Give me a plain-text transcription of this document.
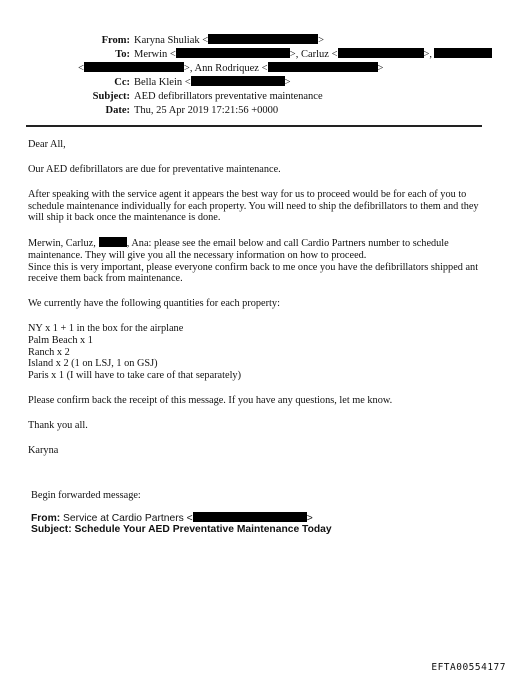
From: Karyna Shuliak <	>
To: Merwin <	>, Carluz <	>,
<	>, Ann Rodriquez <	>
Cc: Bella Klein <	>
Subject: AED defibrillators preventative maintenance
Date: Thu, 25 Apr 2019 17:21:56 +0000

Dear All,

Our AED defibrillators are due for preventative maintenance.

After speaking with the service agent it appears the best way for us to proceed would be for each of you to

schedule maintenance individually for each property. You will need to ship the defibrillators to them and they

will ship it back once the maintenance is done.

Merwin, Carluz,	, Ana: please see the email below and call Cardio Partners number to schedule

maintenance. They will give you all the necessary information on how to proceed.

Since this is very important, please everyone confirm back to me once you have the defibrillators shipped ant

receive them back from maintenance.

We currently have the following quantities for each property:

NY x 1 + 1 in the box for the airplane

Palm Beach x 1

Ranch x 2

Island x 2 (1 on LSJ, 1 on GSJ)

Paris x 1 (I will have to take care of that separately)

Please confirm back the receipt of this message. If you have any questions, let me know.

Thank you all.

Karyna

Begin forwarded message:
From: Service at Cardio Partners <	>
Subject: Schedule Your AED Preventative Maintenance Today
EFTA00554177
